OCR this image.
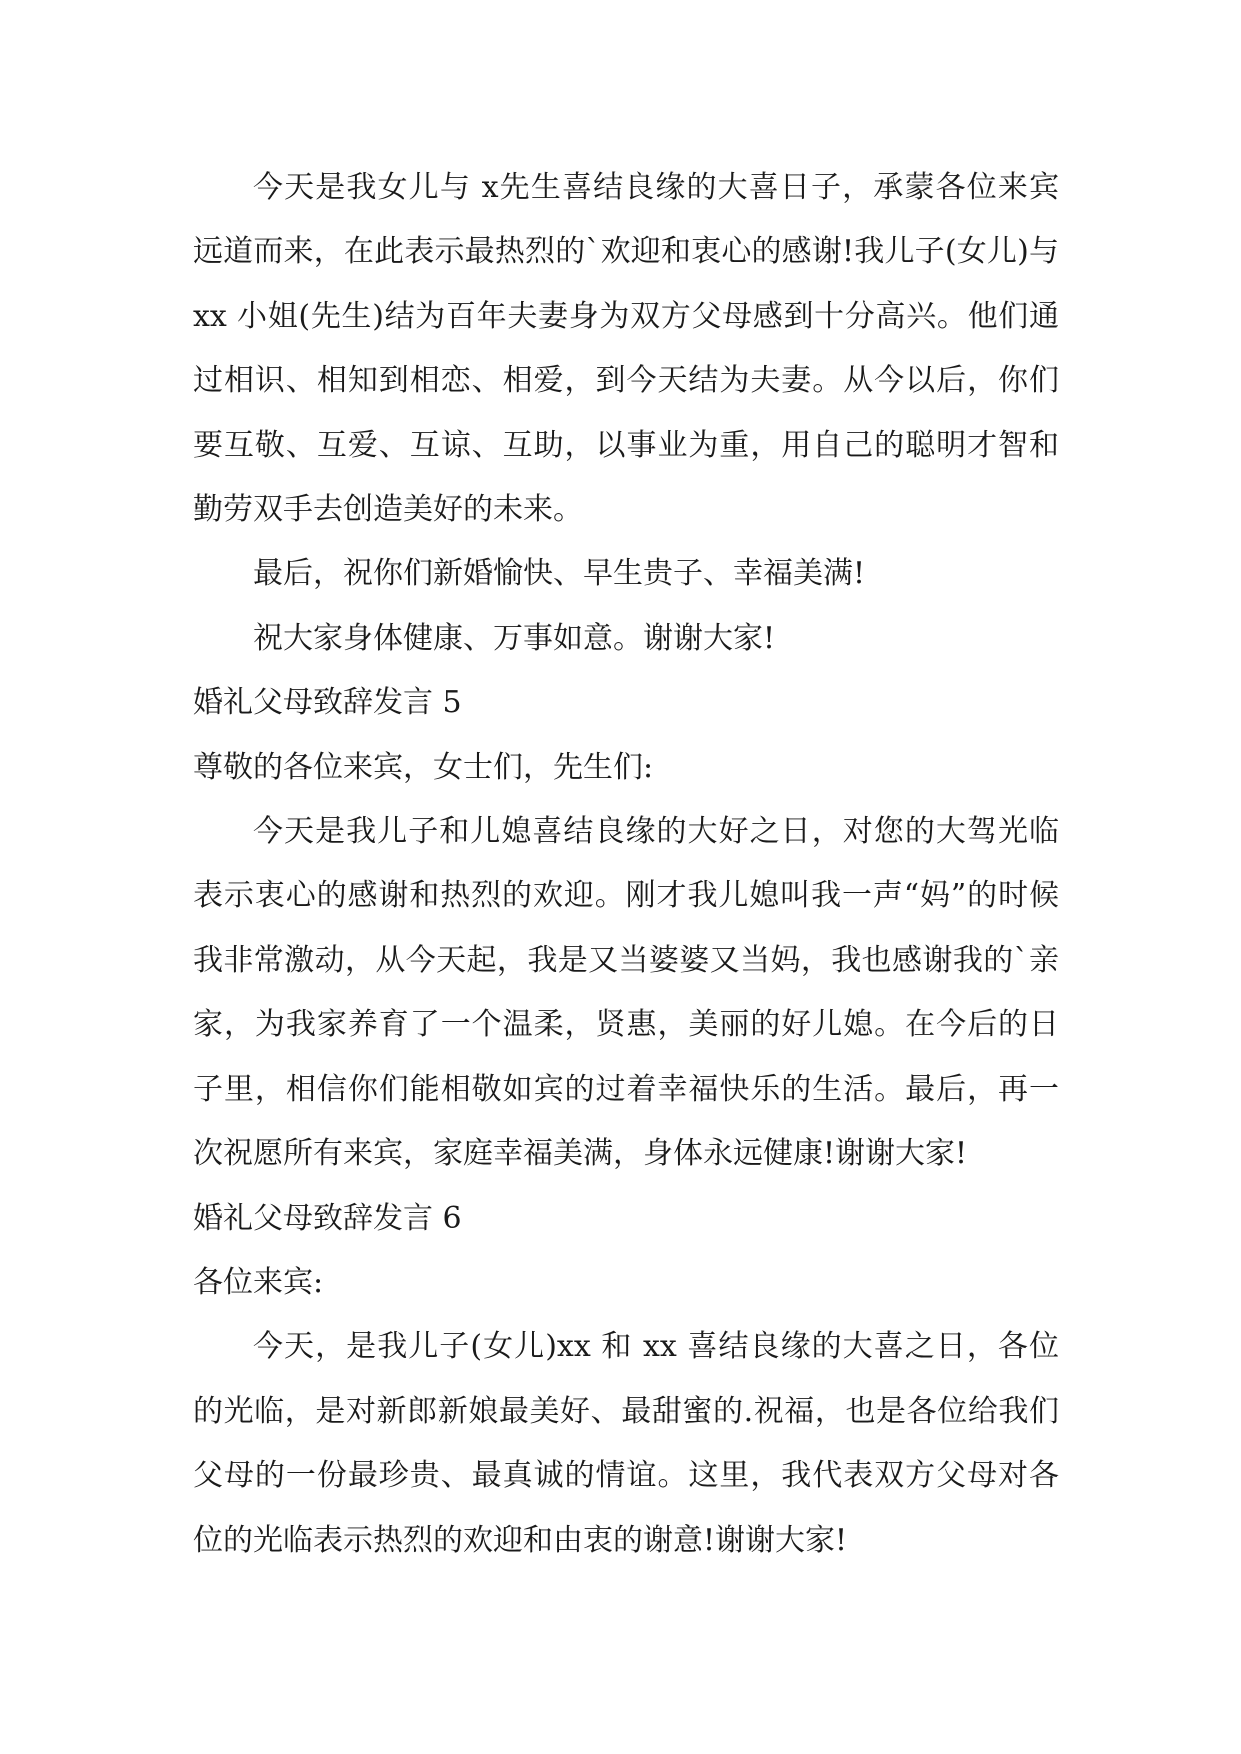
今天是我女儿与 x先生喜结良缘的大喜日子，承蒙各位来宾远道而来，在此表示最热烈的`欢迎和衷心的感谢!我儿子(女儿)与 xx 小姐(先生)结为百年夫妻身为双方父母感到十分高兴。他们通过相识、相知到相恋、相爱，到今天结为夫妻。从今以后，你们要互敬、互爱、互谅、互助，以事业为重，用自己的聪明才智和勤劳双手去创造美好的未来。

最后，祝你们新婚愉快、早生贵子、幸福美满!

祝大家身体健康、万事如意。谢谢大家!

婚礼父母致辞发言 5

尊敬的各位来宾，女士们，先生们:

今天是我儿子和儿媳喜结良缘的大好之日，对您的大驾光临表示衷心的感谢和热烈的欢迎。刚才我儿媳叫我一声“妈”的时候我非常激动，从今天起，我是又当婆婆又当妈，我也感谢我的`亲家，为我家养育了一个温柔，贤惠，美丽的好儿媳。在今后的日子里，相信你们能相敬如宾的过着幸福快乐的生活。最后，再一次祝愿所有来宾，家庭幸福美满，身体永远健康!谢谢大家!

婚礼父母致辞发言 6

各位来宾:

今天，是我儿子(女儿)xx 和 xx 喜结良缘的大喜之日，各位的光临，是对新郎新娘最美好、最甜蜜的.祝福，也是各位给我们父母的一份最珍贵、最真诚的情谊。这里，我代表双方父母对各位的光临表示热烈的欢迎和由衷的谢意!谢谢大家!
